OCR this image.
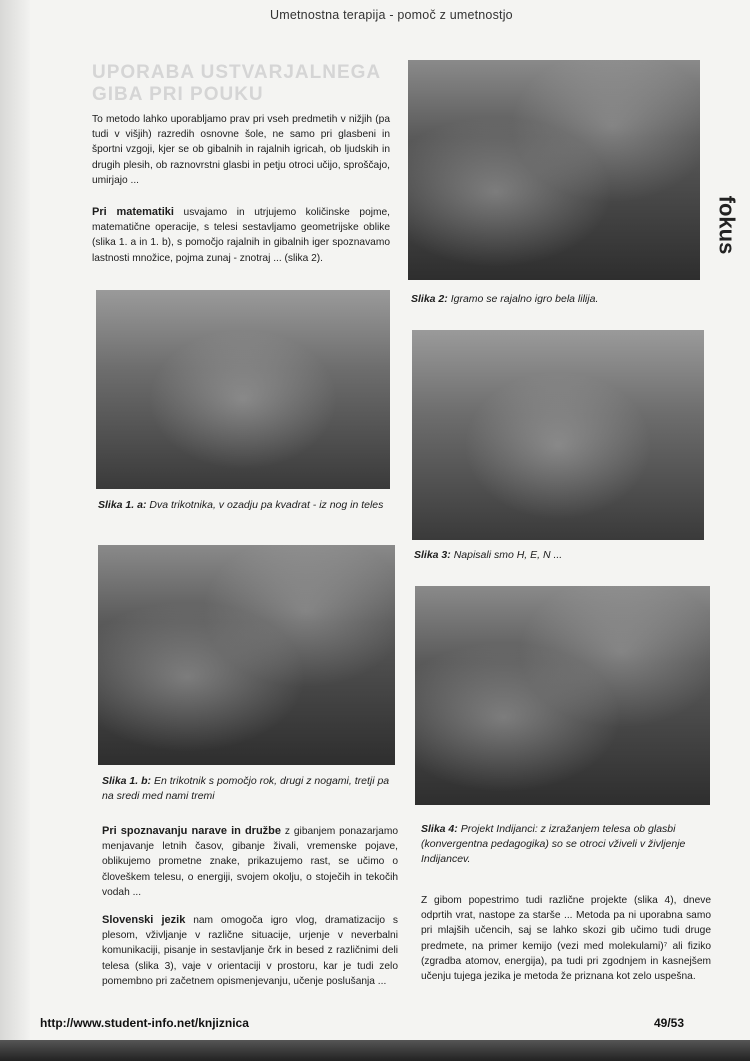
Umetnostna terapija - pomoč z umetnostjo
fokus
UPORABA USTVARJALNEGA GIBA PRI POUKU

To metodo lahko uporabljamo prav pri vseh predmetih v nižjih (pa tudi v višjih) razredih osnovne šole, ne samo pri glasbeni in športni vzgoji, kjer se ob gibalnih in rajalnih igricah, ob ljudskih in drugih plesih, ob raznovrstni glasbi in petju otroci učijo, sproščajo, umirjajo ...

Pri matematiki usvajamo in utrjujemo količinske pojme, matematične operacije, s telesi sestavljamo geometrijske oblike (slika 1. a in 1. b), s pomočjo rajalnih in gibalnih iger spoznavamo lastnosti množice, pojma zunaj - znotraj ... (slika 2).

Slika 1. a: Dva trikotnika, v ozadju pa kvadrat - iz nog in teles
Slika 1. b: En trikotnik s pomočjo rok, drugi z nogami, tretji pa na sredi med nami tremi

Pri spoznavanju narave in družbe z gibanjem ponazarjamo menjavanje letnih časov, gibanje živali, vremenske pojave, oblikujemo prometne znake, prikazujemo rast, se učimo o človeškem telesu, o energiji, svojem okolju, o stoječih in tekočih vodah ...

Slovenski jezik nam omogoča igro vlog, dramatizacijo s plesom, vživljanje v različne situacije, urjenje v neverbalni komunikaciji, pisanje in sestavljanje črk in besed z različnimi deli telesa (slika 3), vaje v orientaciji v prostoru, kar je tudi zelo pomembno pri začetnem opismenjevanju, učenje poslušanja ...

Slika 2: Igramo se rajalno igro bela lilija.
Slika 3: Napisali smo H, E, N ...
Slika 4: Projekt Indijanci: z izražanjem telesa ob glasbi (konvergentna pedagogika) so se otroci vživeli v življenje Indijancev.

Z gibom popestrimo tudi različne projekte (slika 4), dneve odprtih vrat, nastope za starše ... Metoda pa ni uporabna samo pri mlajših učencih, saj se lahko skozi gib učimo tudi druge predmete, na primer kemijo (vezi med molekulami)⁷ ali fiziko (zgradba atomov, energija), pa tudi pri zgodnjem in kasnejšem učenju tujega jezika je metoda že priznana kot zelo uspešna.

http://www.student-info.net/knjiznica	49/53
